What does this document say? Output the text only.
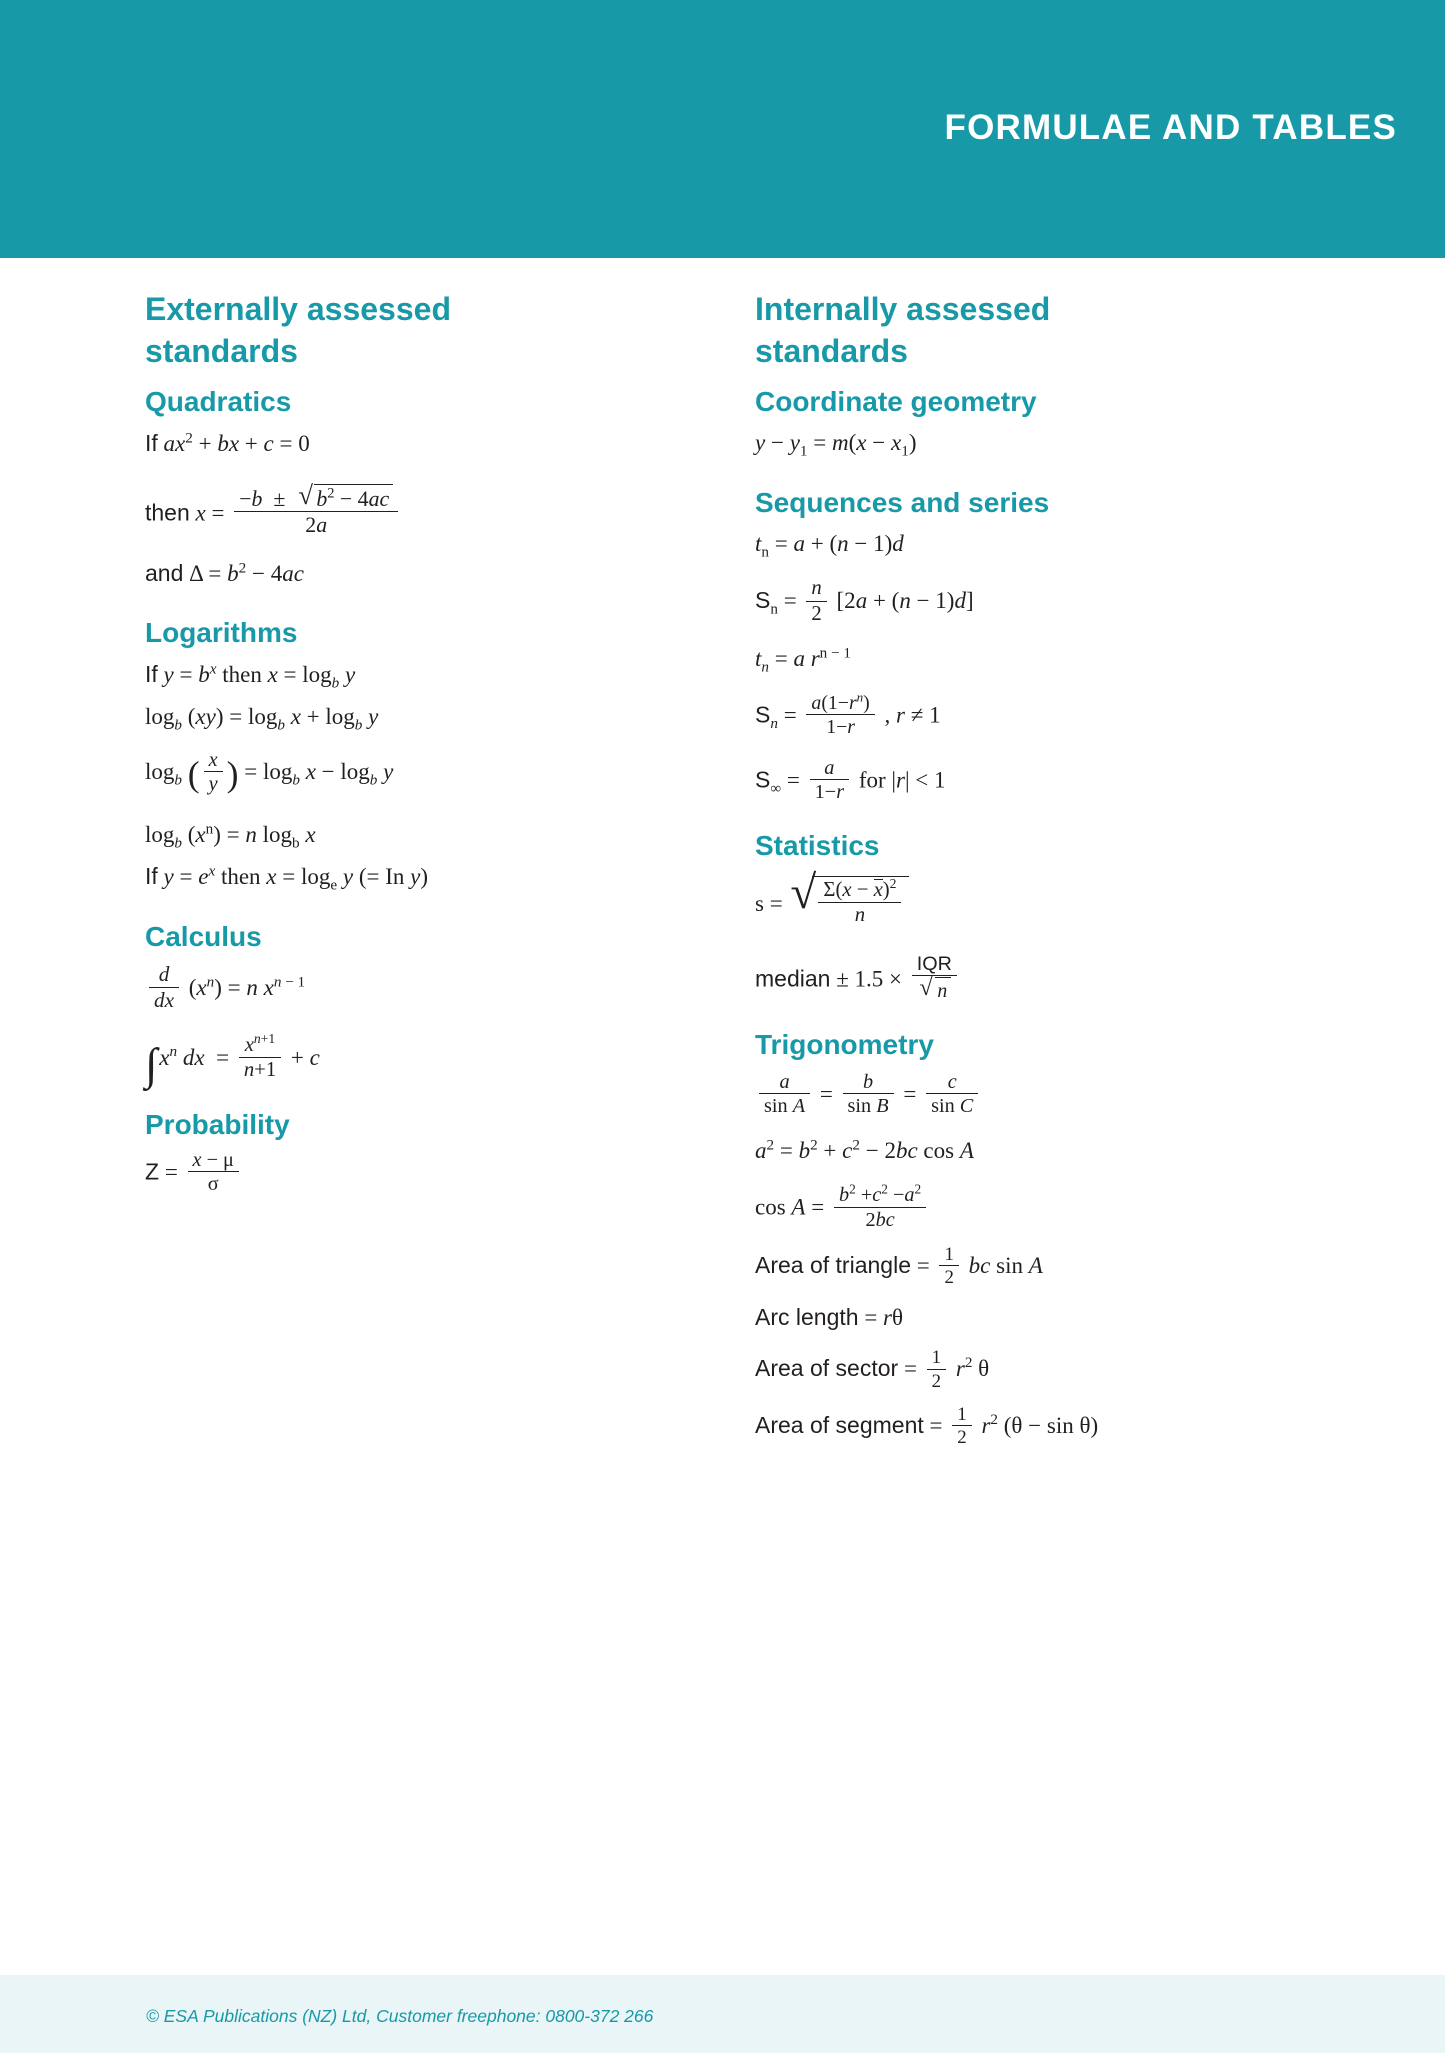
FORMULAE AND TABLES
Externally assessed standards
Quadratics
If $ax^2$ + bx + c = 0
then $x = \frac{-b \pm √ b^2 - 4ac}{2a}$
and $\Delta = b^2 - 4ac$
Logarithms
If $y = b^x$ then $x = \log_b y$
$\log_b (xy) = \log_b x + \log_b y$
$\log_b$ ( $\frac{x}{y}$ ) = $\log_b x - \log_b y$
$\log_b (x^n) = n$ $\log_b x$
If $y = e^x$ then $x = \log_e y$ (= In y)
Calculus
$\frac{d}{dx} (x^n) = n$ $x^{n - 1}$
$\int x^n$ dx  = $\frac{x^{n+1}}{n+1} + c$
Probability
$Z = \frac{x - \mu}{\sigma}$
Internally assessed standards
Coordinate geometry
$y - y_1 = m(x - x_1)$
Sequences and series
$t_n = a + (n - 1)d$
$S_n = \frac{n}{2} [2a + (n - 1)d]$
$t_n = a$ $r^{n - 1}$
$S_n = \frac{a(1-r^n)}{1-r}$ , r ≠ 1
$S_\infty = \frac{a}{1-r}$ for |r| < 1
Statistics
s = √ $\frac{\Sigma(x - x)^2}{n}$
median ± 1.5 × IQR
√ n
Trigonometry
$\frac{a}{\text{sin A}} = \frac{b}{\text{sin B}} = \frac{c}{\text{sin C}}$
$a^2 = b^2 + c^2 - 2bc$ cos A
$\cos A = \frac{b^2 +c^2 -a^2}{2bc}$
Area of triangle = $\frac{1}{2}$ bc sin A
Arc length = rθ
Area of sector = $\frac{1}{2} r^2$ θ
Area of segment = $\frac{1}{2} r^2$ (θ − sin θ)
© ESA Publications (NZ) Ltd, Customer freephone: 0800-372 266
